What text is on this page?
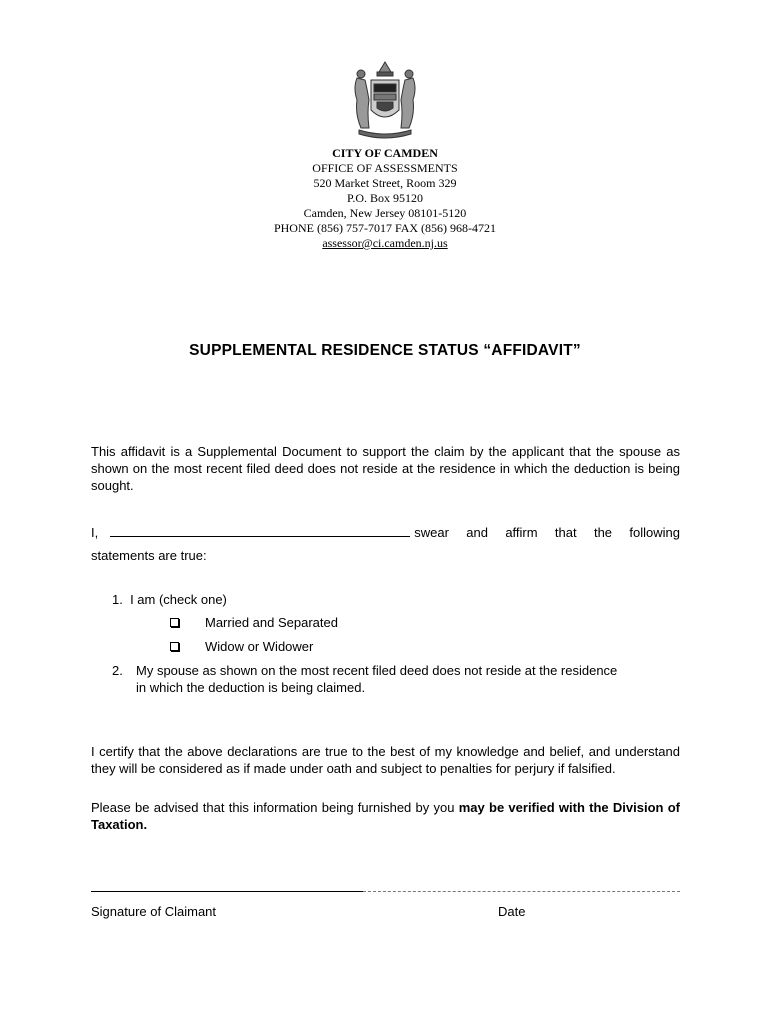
CITY OF CAMDEN
OFFICE OF ASSESSMENTS
520 Market Street, Room 329
P.O. Box 95120
Camden, New Jersey 08101-5120
PHONE (856) 757-7017 FAX (856) 968-4721
assessor@ci.camden.nj.us
SUPPLEMENTAL RESIDENCE STATUS “AFFIDAVIT”
This affidavit is a Supplemental Document to support the claim by the applicant that the spouse as shown on the most recent filed deed does not reside at the residence in which the deduction is being sought.
I,	swear and affirm that the following
statements are true:
1.  I am (check one)
Married and Separated
Widow or Widower
2.	My spouse as shown on the most recent filed deed does not reside at the residence in which the deduction is being claimed.
I certify that the above declarations are true to the best of my knowledge and belief, and understand they will be considered as if made under oath and subject to penalties for perjury if falsified.
Please be advised that this information being furnished by you may be verified with the Division of Taxation.
Signature of Claimant	Date
